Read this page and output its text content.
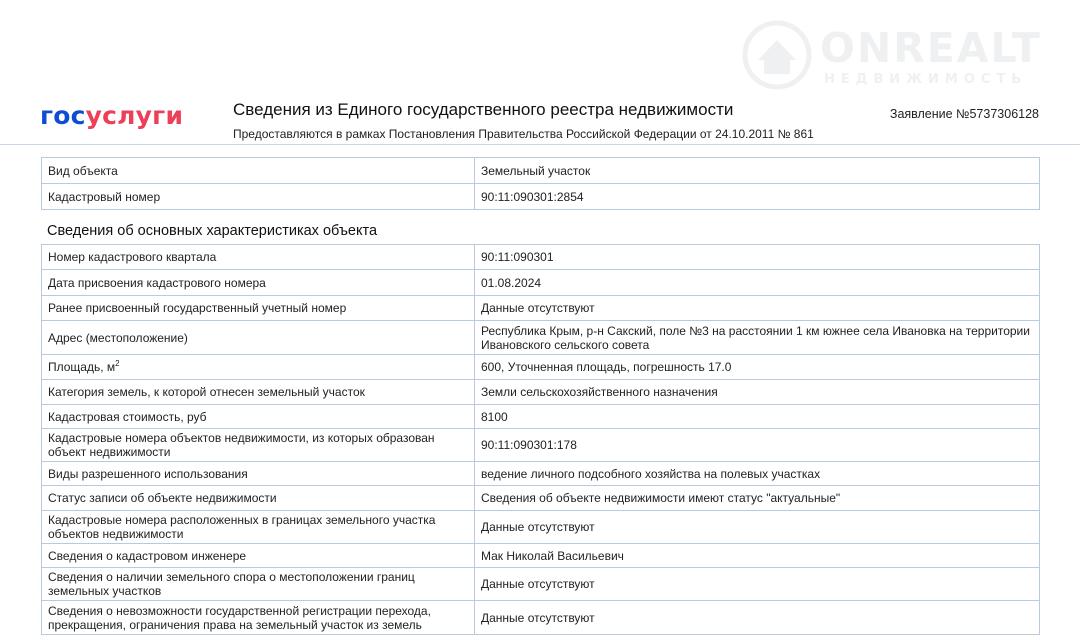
ONREALT
НЕДВИЖИМОСТЬ
госуслуги	Сведения из Единого государственного реестра недвижимости
Предоставляются в рамках Постановления Правительства Российской Федерации от 24.10.2011 № 861
Заявление №5737306128
Вид объекта	Земельный участок
Кадастровый номер	90:11:090301:2854
Сведения об основных характеристиках объекта
Номер кадастрового квартала	90:11:090301
Дата присвоения кадастрового номера	01.08.2024
Ранее присвоенный государственный учетный номер	Данные отсутствуют
Адрес (местоположение)	Республика Крым, р-н Сакский, поле №3 на расстоянии 1 км южнее села Ивановка на территории Ивановского сельского совета
Площадь, $м^2$	600, Уточненная площадь, погрешность 17.0
Категория земель, к которой отнесен земельный участок	Земли сельскохозяйственного назначения
Кадастровая стоимость, руб	8100
Кадастровые номера объектов недвижимости, из которых образован объект недвижимости	90:11:090301:178
Виды разрешенного использования	ведение личного подсобного хозяйства на полевых участках
Статус записи об объекте недвижимости	Сведения об объекте недвижимости имеют статус "актуальные"
Кадастровые номера расположенных в границах земельного участка объектов недвижимости	Данные отсутствуют
Сведения о кадастровом инженере	Мак Николай Васильевич
Сведения о наличии земельного спора о местоположении границ земельных участков	Данные отсутствуют
Сведения о невозможности государственной регистрации перехода, прекращения, ограничения права на земельный участок из земель	Данные отсутствуют
